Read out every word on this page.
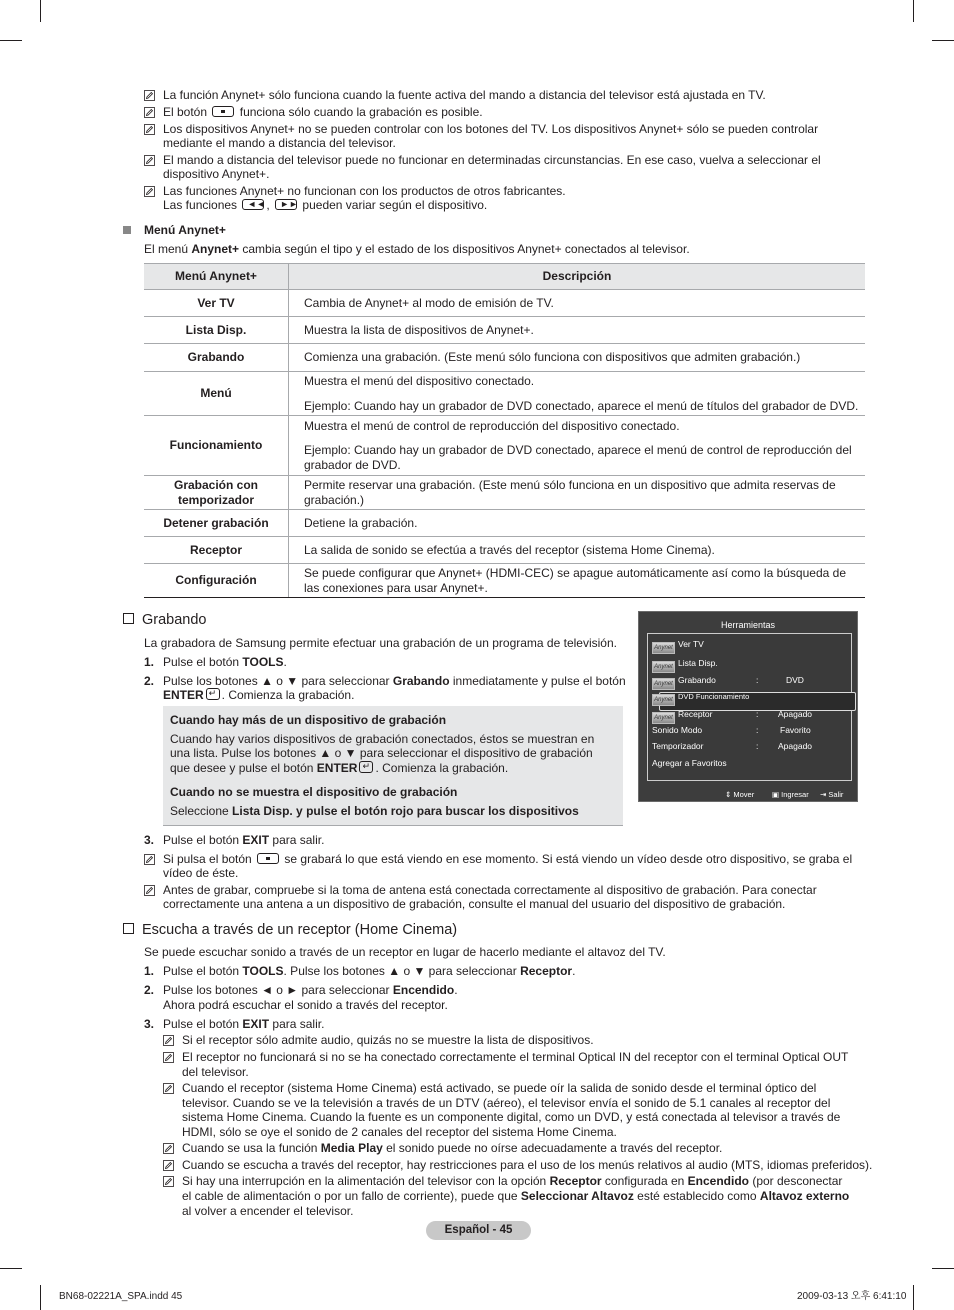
La función Anynet+ sólo funciona cuando la fuente activa del mando a distancia del televisor está ajustada en TV.
El botón	funciona sólo cuando la grabación es posible.
Los dispositivos Anynet+ no se pueden controlar con los botones del TV. Los dispositivos Anynet+ sólo se pueden controlar
mediante el mando a distancia del televisor.
El mando a distancia del televisor puede no funcionar en determinadas circunstancias. En ese caso, vuelva a seleccionar el
dispositivo Anynet+.
Las funciones Anynet+ no funcionan con los productos de otros fabricantes.
Las funciones ◄◄ , ►► pueden variar según el dispositivo.
Menú Anynet+
El menú Anynet+ cambia según el tipo y el estado de los dispositivos Anynet+ conectados al televisor.
Menú Anynet+	Descripción
Ver TV	Cambia de Anynet+ al modo de emisión de TV.
Lista Disp.	Muestra la lista de dispositivos de Anynet+.
Grabando	Comienza una grabación. (Este menú sólo funciona con dispositivos que admiten grabación.)
Menú	Muestra el menú del dispositivo conectado.
Ejemplo: Cuando hay un grabador de DVD conectado, aparece el menú de títulos del grabador de DVD.

Funcionamiento	Muestra el menú de control de reproducción del dispositivo conectado.
Ejemplo: Cuando hay un grabador de DVD conectado, aparece el menú de control de reproducción del grabador de DVD.

Grabación con temporizador	Permite reservar una grabación. (Este menú sólo funciona en un dispositivo que admita reservas de grabación.)
Detener grabación	Detiene la grabación.
Receptor	La salida de sonido se efectúa a través del receptor (sistema Home Cinema).
Configuración	Se puede configurar que Anynet+ (HDMI-CEC) se apague automáticamente así como la búsqueda de las conexiones para usar Anynet+.
Grabando
La grabadora de Samsung permite efectuar una grabación de un programa de televisión.
1. Pulse el botón TOOLS.
2. Pulse los botones ▲ o ▼ para seleccionar Grabando inmediatamente y pulse el botón
ENTER ↵ . Comienza la grabación.
Cuando hay más de un dispositivo de grabación
Cuando hay varios dispositivos de grabación conectados, éstos se muestran en
una lista. Pulse los botones ▲ o ▼ para seleccionar el dispositivo de grabación
que desee y pulse el botón ENTER ↵ . Comienza la grabación.
Cuando no se muestra el dispositivo de grabación
Seleccione Lista Disp. y pulse el botón rojo para buscar los dispositivos
3. Pulse el botón EXIT para salir.
Si pulsa el botón	se grabará lo que está viendo en ese momento. Si está viendo un vídeo desde otro dispositivo, se graba el
vídeo de éste.
Antes de grabar, compruebe si la toma de antena está conectada correctamente al dispositivo de grabación. Para conectar
correctamente una antena a un dispositivo de grabación, consulte el manual del usuario del dispositivo de grabación.
Herramientas
Anynet Ver TV
Anynet Lista Disp.
Anynet Grabando	:	DVD
Anynet DVD Funcionamiento
Anynet Receptor	: Apagado
Sonido Modo	:	Favorito
Temporizador	: Apagado
Agregar a Favoritos
⇕ Mover ▣ Ingresar ⇥ Salir
Escucha a través de un receptor (Home Cinema)
Se puede escuchar sonido a través de un receptor en lugar de hacerlo mediante el altavoz del TV.
1. Pulse el botón TOOLS. Pulse los botones ▲ o ▼ para seleccionar Receptor.
2. Pulse los botones ◄ o ► para seleccionar Encendido.
Ahora podrá escuchar el sonido a través del receptor.
3. Pulse el botón EXIT para salir.
Si el receptor sólo admite audio, quizás no se muestre la lista de dispositivos.
El receptor no funcionará si no se ha conectado correctamente el terminal Optical IN del receptor con el terminal Optical OUT
del televisor.
Cuando el receptor (sistema Home Cinema) está activado, se puede oír la salida de sonido desde el terminal óptico del
televisor. Cuando se ve la televisión a través de un DTV (aéreo), el televisor envía el sonido de 5.1 canales al receptor del
sistema Home Cinema. Cuando la fuente es un componente digital, como un DVD, y está conectada al televisor a través de
HDMI, sólo se oye el sonido de 2 canales del receptor del sistema Home Cinema.
Cuando se usa la función Media Play el sonido puede no oírse adecuadamente a través del receptor.
Cuando se escucha a través del receptor, hay restricciones para el uso de los menús relativos al audio (MTS, idiomas preferidos).
Si hay una interrupción en la alimentación del televisor con la opción Receptor configurada en Encendido (por desconectar
el cable de alimentación o por un fallo de corriente), puede que Seleccionar Altavoz esté establecido como Altavoz externo
al volver a encender el televisor.
Español - 45
BN68-02221A_SPA.indd 45	2009-03-13 오후 6:41:10
